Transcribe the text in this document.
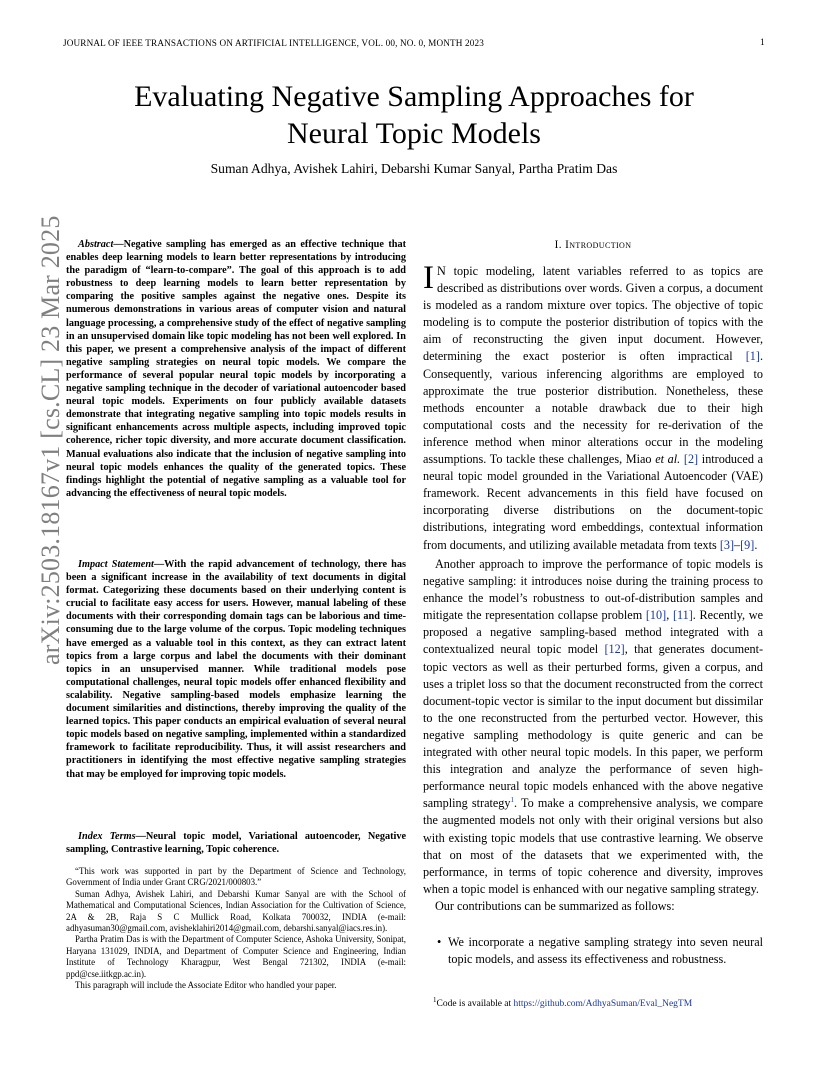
JOURNAL OF IEEE TRANSACTIONS ON ARTIFICIAL INTELLIGENCE, VOL. 00, NO. 0, MONTH 2023	1
arXiv:2503.18167v1 [cs.CL] 23 Mar 2025
Evaluating Negative Sampling Approaches for
Neural Topic Models
Suman Adhya, Avishek Lahiri, Debarshi Kumar Sanyal, Partha Pratim Das
Abstract—Negative sampling has emerged as an effective technique that enables deep learning models to learn better representations by introducing the paradigm of “learn-to-compare”. The goal of this approach is to add robustness to deep learning models to learn better representation by comparing the positive samples against the negative ones. Despite its numerous demonstrations in various areas of computer vision and natural language processing, a comprehensive study of the effect of negative sampling in an unsupervised domain like topic modeling has not been well explored. In this paper, we present a comprehensive analysis of the impact of different negative sampling strategies on neural topic models. We compare the performance of several popular neural topic models by incorporating a negative sampling technique in the decoder of variational autoencoder based neural topic models. Experiments on four publicly available datasets demonstrate that integrating negative sampling into topic models results in significant enhancements across multiple aspects, including improved topic coherence, richer topic diversity, and more accurate document classification. Manual evaluations also indicate that the inclusion of negative sampling into neural topic models enhances the quality of the generated topics. These findings highlight the potential of negative sampling as a valuable tool for advancing the effectiveness of neural topic models.
Impact Statement—With the rapid advancement of technology, there has been a significant increase in the availability of text documents in digital format. Categorizing these documents based on their underlying content is crucial to facilitate easy access for users. However, manual labeling of these documents with their corresponding domain tags can be laborious and time-consuming due to the large volume of the corpus. Topic modeling techniques have emerged as a valuable tool in this context, as they can extract latent topics from a large corpus and label the documents with their dominant topics in an unsupervised manner. While traditional models pose computational challenges, neural topic models offer enhanced flexibility and scalability. Negative sampling-based models emphasize learning the document similarities and distinctions, thereby improving the quality of the learned topics. This paper conducts an empirical evaluation of several neural topic models based on negative sampling, implemented within a standardized framework to facilitate reproducibility. Thus, it will assist researchers and practitioners in identifying the most effective negative sampling strategies that may be employed for improving topic models.
Index Terms—Neural topic model, Variational autoencoder, Negative sampling, Contrastive learning, Topic coherence.

“This work was supported in part by the Department of Science and Technology, Government of India under Grant CRG/2021/000803.”

Suman Adhya, Avishek Lahiri, and Debarshi Kumar Sanyal are with the School of Mathematical and Computational Sciences, Indian Association for the Cultivation of Science, 2A & 2B, Raja S C Mullick Road, Kolkata 700032, INDIA (e-mail: adhyasuman30@gmail.com, avisheklahiri2014@gmail.com, debarshi.sanyal@iacs.res.in).

Partha Pratim Das is with the Department of Computer Science, Ashoka University, Sonipat, Haryana 131029, INDIA, and Department of Computer Science and Engineering, Indian Institute of Technology Kharagpur, West Bengal 721302, INDIA (e-mail: ppd@cse.iitkgp.ac.in).

This paragraph will include the Associate Editor who handled your paper.

I. Introduction

I N topic modeling, latent variables referred to as topics are described as distributions over words. Given a corpus, a document is modeled as a random mixture over topics. The objective of topic modeling is to compute the posterior distribution of topics with the aim of reconstructing the given input document. However, determining the exact posterior is often impractical [1]. Consequently, various inferencing algorithms are employed to approximate the true posterior distribution. Nonetheless, these methods encounter a notable drawback due to their high computational costs and the necessity for re-derivation of the inference method when minor alterations occur in the modeling assumptions. To tackle these challenges, Miao et al. [2] introduced a neural topic model grounded in the Variational Autoencoder (VAE) framework. Recent advancements in this field have focused on incorporating diverse distributions on the document-topic distributions, integrating word embeddings, contextual information from documents, and utilizing available metadata from texts [3]–[9].

Another approach to improve the performance of topic models is negative sampling: it introduces noise during the training process to enhance the model’s robustness to out-of-distribution samples and mitigate the representation collapse problem [10], [11]. Recently, we proposed a negative sampling-based method integrated with a contextualized neural topic model [12], that generates document-topic vectors as well as their perturbed forms, given a corpus, and uses a triplet loss so that the document reconstructed from the correct document-topic vector is similar to the input document but dissimilar to the one reconstructed from the perturbed vector. However, this negative sampling methodology is quite generic and can be integrated with other neural topic models. In this paper, we perform this integration and analyze the performance of seven high-performance neural topic models enhanced with the above negative sampling strategy$^1$. To make a comprehensive analysis, we compare the augmented models not only with their original versions but also with existing topic models that use contrastive learning. We observe that on most of the datasets that we experimented with, the performance, in terms of topic coherence and diversity, improves when a topic model is enhanced with our negative sampling strategy.

Our contributions can be summarized as follows:

• We incorporate a negative sampling strategy into seven neural topic models, and assess its effectiveness and robustness.
$^1$Code is available at https://github.com/AdhyaSuman/Eval_NegTM
